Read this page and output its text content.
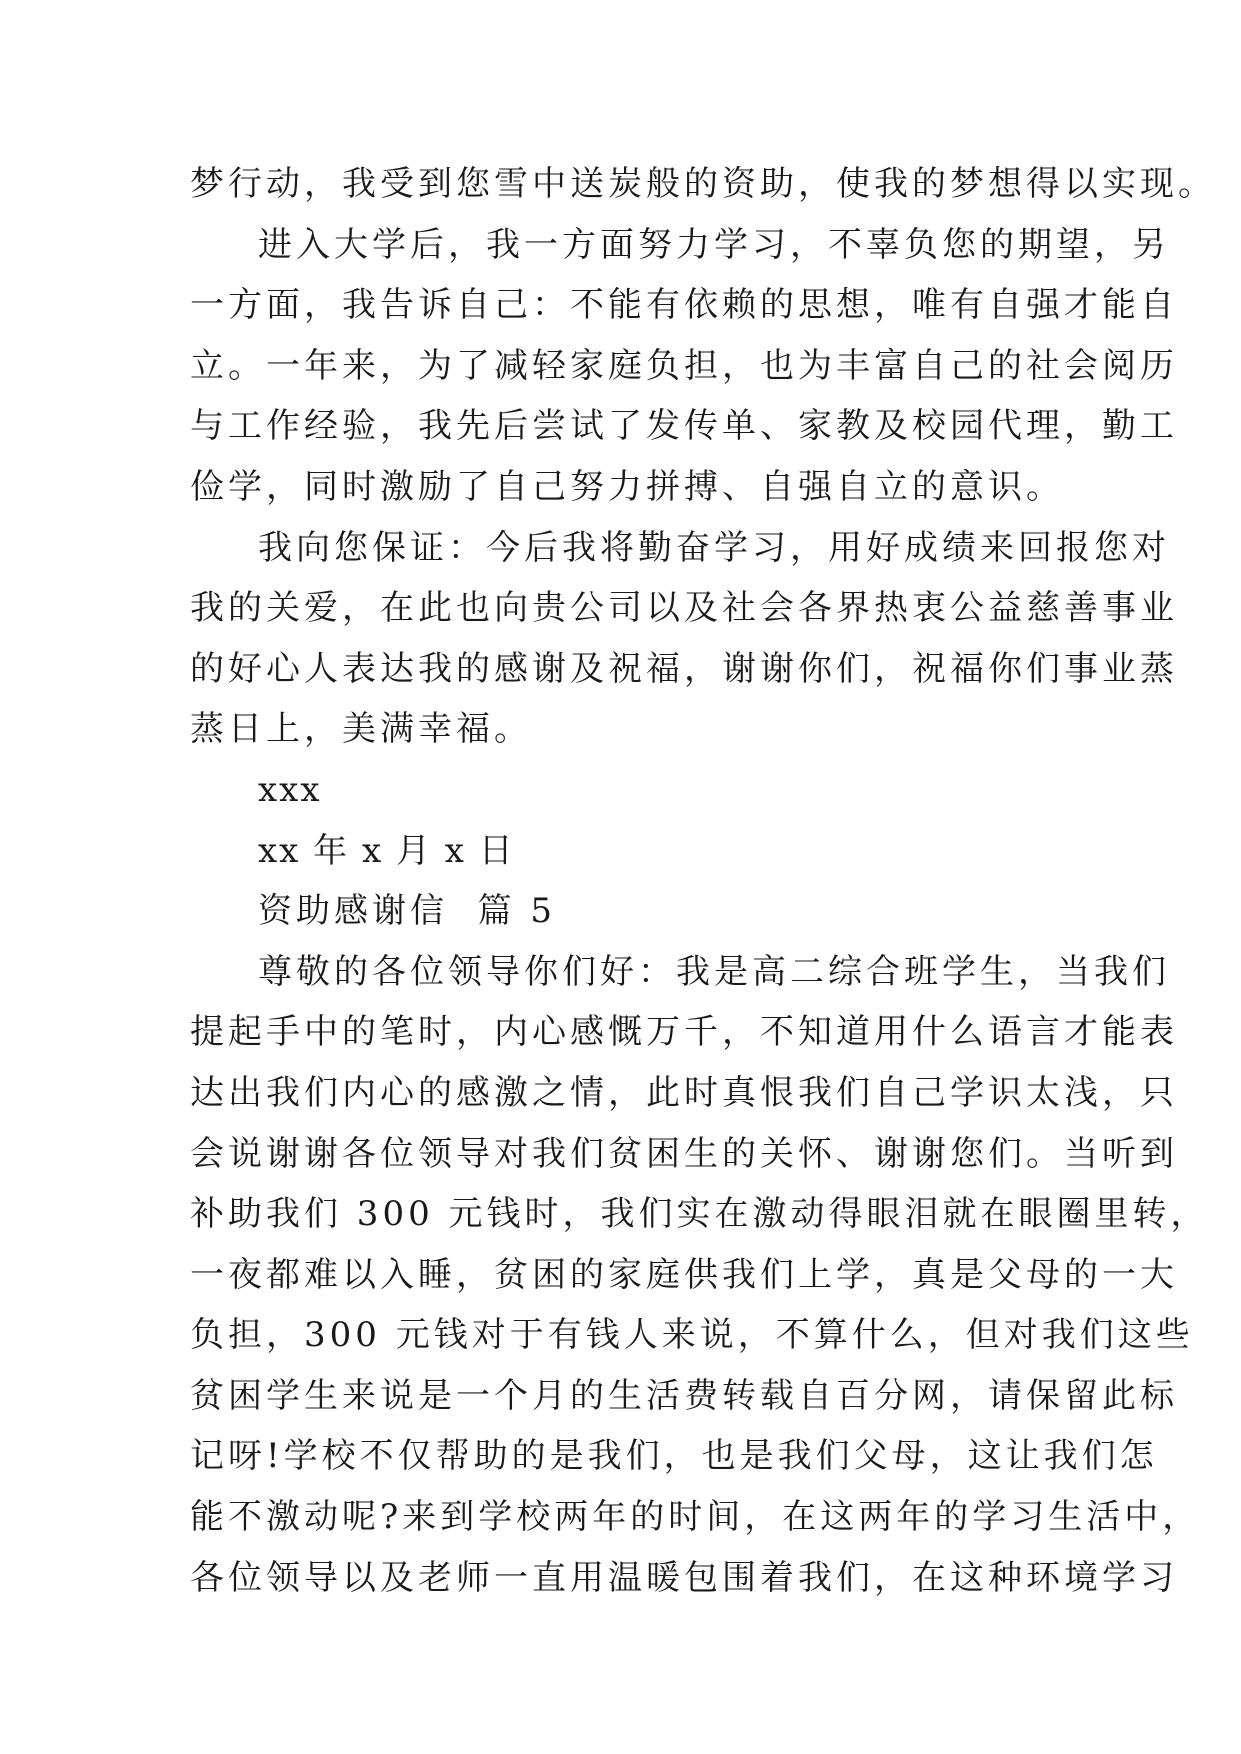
梦行动，我受到您雪中送炭般的资助，使我的梦想得以实现。
进入大学后，我一方面努力学习，不辜负您的期望，另
一方面，我告诉自己：不能有依赖的思想，唯有自强才能自
立。一年来，为了减轻家庭负担，也为丰富自己的社会阅历
与工作经验，我先后尝试了发传单、家教及校园代理，勤工
俭学，同时激励了自己努力拼搏、自强自立的意识。
我向您保证：今后我将勤奋学习，用好成绩来回报您对
我的关爱，在此也向贵公司以及社会各界热衷公益慈善事业
的好心人表达我的感谢及祝福，谢谢你们，祝福你们事业蒸
蒸日上，美满幸福。
xxx
xx 年 x 月 x 日
资助感谢信  篇 5
尊敬的各位领导你们好：我是高二综合班学生，当我们
提起手中的笔时，内心感慨万千，不知道用什么语言才能表
达出我们内心的感激之情，此时真恨我们自己学识太浅，只
会说谢谢各位领导对我们贫困生的关怀、谢谢您们。当听到
补助我们 300 元钱时，我们实在激动得眼泪就在眼圈里转，
一夜都难以入睡，贫困的家庭供我们上学，真是父母的一大
负担，300 元钱对于有钱人来说，不算什么，但对我们这些
贫困学生来说是一个月的生活费转载自百分网，请保留此标
记呀!学校不仅帮助的是我们，也是我们父母，这让我们怎
能不激动呢?来到学校两年的时间，在这两年的学习生活中，
各位领导以及老师一直用温暖包围着我们，在这种环境学习
